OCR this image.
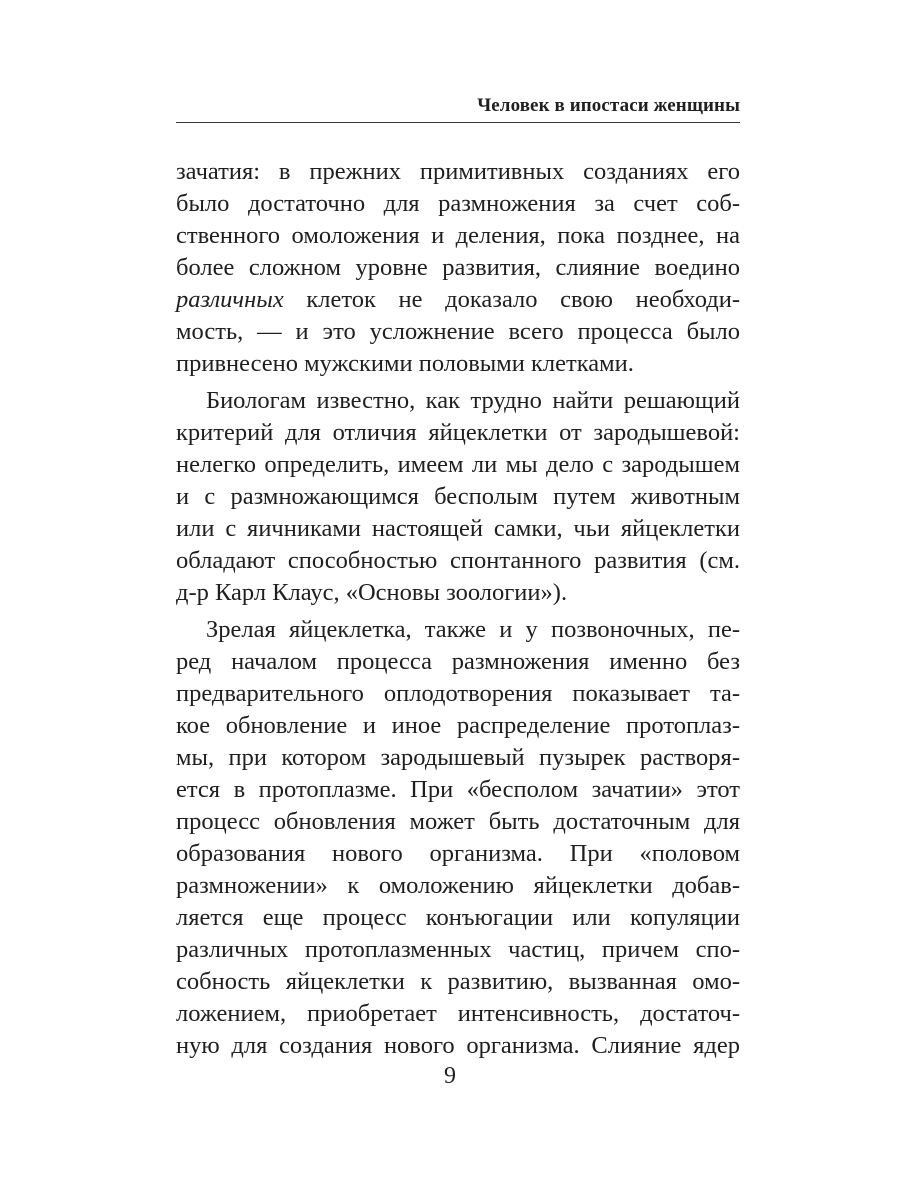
Человек в ипостаси женщины
зачатия: в прежних примитивных созданиях его
было достаточно для размножения за счет соб-
ственного омоложения и деления, пока позднее, на
более сложном уровне развития, слияние воедино
различных клеток не доказало свою необходи-
мость, — и это усложнение всего процесса было
привнесено мужскими половыми клетками.
Биологам известно, как трудно найти решающий
критерий для отличия яйцеклетки от зародышевой:
нелегко определить, имеем ли мы дело с зародышем
и с размножающимся бесполым путем животным
или с яичниками настоящей самки, чьи яйцеклетки
обладают способностью спонтанного развития (см.
д-р Карл Клаус, «Основы зоологии»).
Зрелая яйцеклетка, также и у позвоночных, пе-
ред началом процесса размножения именно без
предварительного оплодотворения показывает та-
кое обновление и иное распределение протоплаз-
мы, при котором зародышевый пузырек растворя-
ется в протоплазме. При «бесполом зачатии» этот
процесс обновления может быть достаточным для
образования нового организма. При «половом
размножении» к омоложению яйцеклетки добав-
ляется еще процесс конъюгации или копуляции
различных протоплазменных частиц, причем спо-
собность яйцеклетки к развитию, вызванная омо-
ложением, приобретает интенсивность, достаточ-
ную для создания нового организма. Слияние ядер
9
